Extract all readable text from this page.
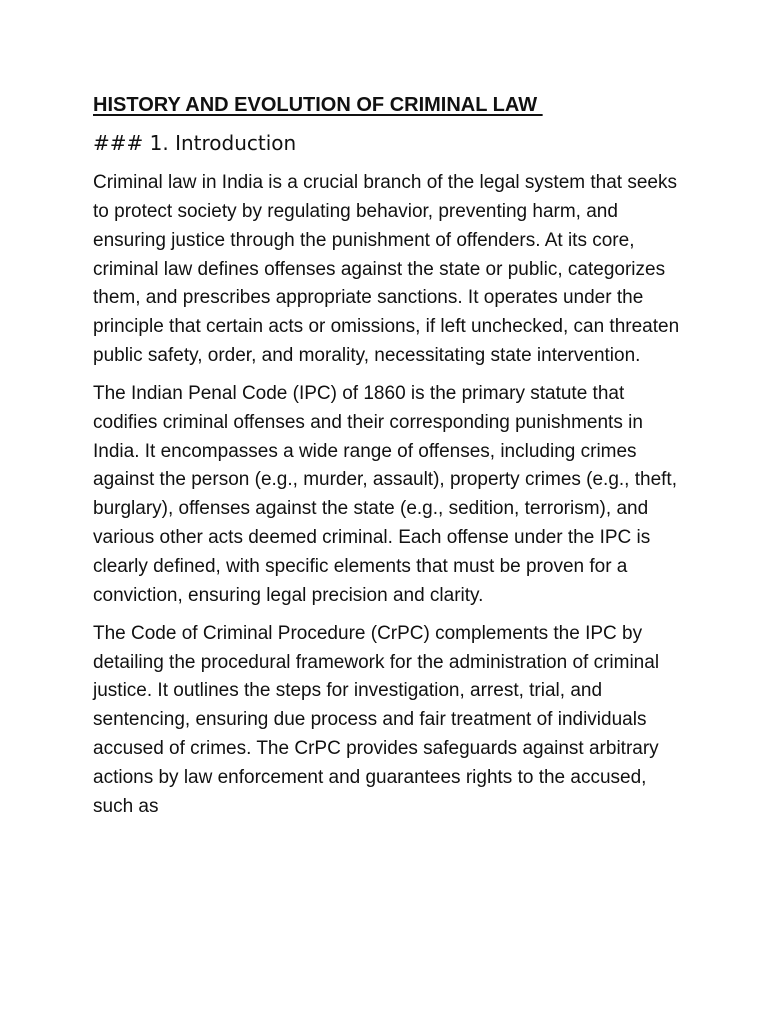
HISTORY AND EVOLUTION OF CRIMINAL LAW
### 1. Introduction

Criminal law in India is a crucial branch of the legal system that seeks to protect society by regulating behavior, preventing harm, and ensuring justice through the punishment of offenders. At its core, criminal law defines offenses against the state or public, categorizes them, and prescribes appropriate sanctions. It operates under the principle that certain acts or omissions, if left unchecked, can threaten public safety, order, and morality, necessitating state intervention.

The Indian Penal Code (IPC) of 1860 is the primary statute that codifies criminal offenses and their corresponding punishments in India. It encompasses a wide range of offenses, including crimes against the person (e.g., murder, assault), property crimes (e.g., theft, burglary), offenses against the state (e.g., sedition, terrorism), and various other acts deemed criminal. Each offense under the IPC is clearly defined, with specific elements that must be proven for a conviction, ensuring legal precision and clarity.

The Code of Criminal Procedure (CrPC) complements the IPC by detailing the procedural framework for the administration of criminal justice. It outlines the steps for investigation, arrest, trial, and sentencing, ensuring due process and fair treatment of individuals accused of crimes. The CrPC provides safeguards against arbitrary actions by law enforcement and guarantees rights to the accused, such as
